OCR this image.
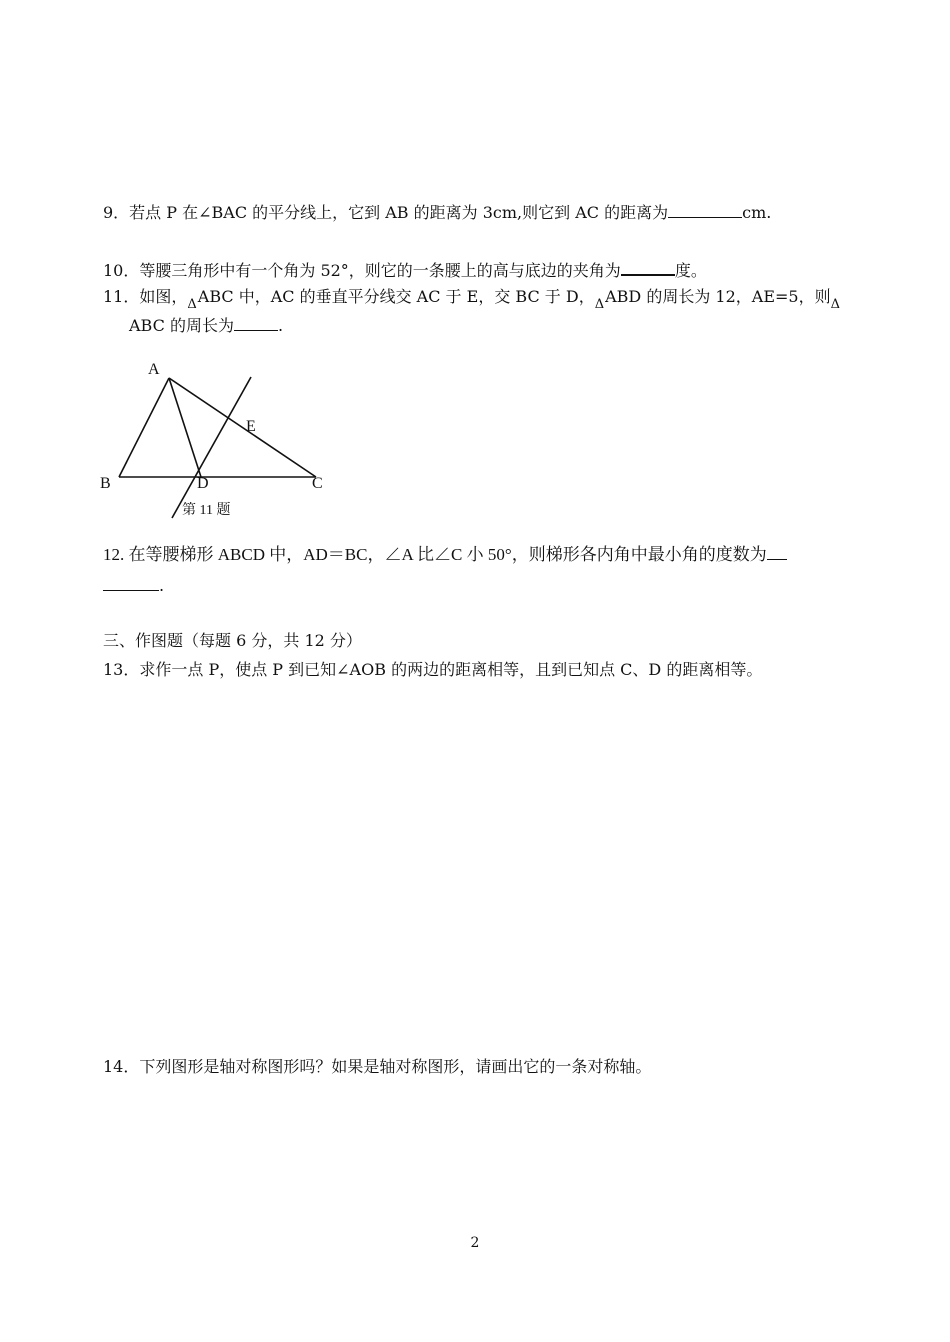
9．若点 P 在∠BAC 的平分线上，它到 AB 的距离为 3cm,则它到 AC 的距离为	cm.
10．等腰三角形中有一个角为 52°，则它的一条腰上的高与底边的夹角为	度。
11．如图，$_\Delta$ABC 中，AC 的垂直平分线交 AC 于 E，交 BC 于 D，$_\Delta$ABD 的周长为 12，AE=5，则$_\Delta$
ABC 的周长为	.
A
B	C
D
E
第 11 题
12. 在等腰梯形 ABCD 中，AD＝BC，∠A 比∠C 小 50°，则梯形各内角中最小角的度数为
.
三、作图题（每题 6 分，共 12 分）
13．求作一点 P，使点 P 到已知∠AOB 的两边的距离相等，且到已知点 C、D 的距离相等。
14．下列图形是轴对称图形吗？如果是轴对称图形，请画出它的一条对称轴。
2
